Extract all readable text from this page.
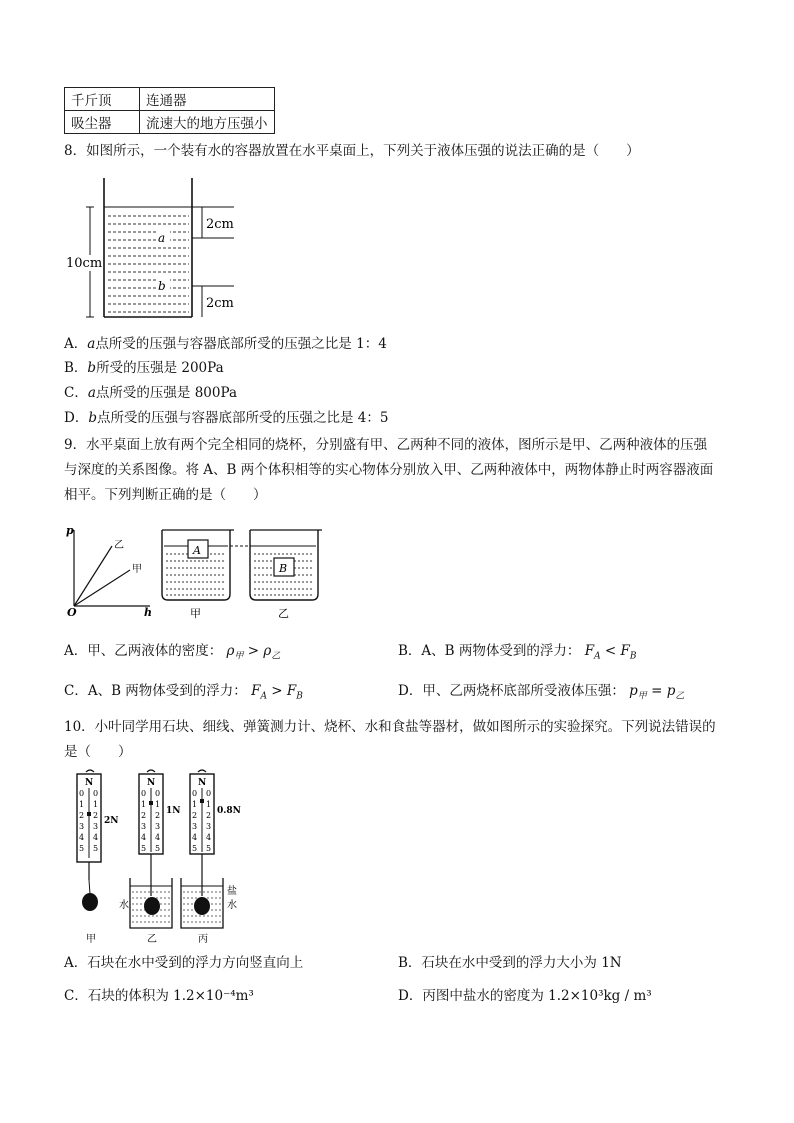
千斤顶	连通器
吸尘器	流速大的地方压强小
8．如图所示，一个装有水的容器放置在水平桌面上，下列关于液体压强的说法正确的是（　　）
10cm
2cm
2cm
a
b
A．a点所受的压强与容器底部所受的压强之比是 1：4
B．b所受的压强是 200Pa
C．a点所受的压强是 800Pa
D．b点所受的压强与容器底部所受的压强之比是 4：5
9．水平桌面上放有两个完全相同的烧杯，分别盛有甲、乙两种不同的液体，图所示是甲、乙两种液体的压强
与深度的关系图像。将 A、B 两个体积相等的实心物体分别放入甲、乙两种液体中，两物体静止时两容器液面
相平。下列判断正确的是（　　）
p
h
O
乙
甲
A
B
甲	乙
A．甲、乙两液体的密度： $\rho_甲 > \rho_乙$	B．A、B 两物体受到的浮力： $F_A < F_B$
C．A、B 两物体受到的浮力： $F_A > F_B$	D．甲、乙两烧杯底部所受液体压强： $p_甲 = p_乙$
10．小叶同学用石块、细线、弹簧测力计、烧杯、水和食盐等器材，做如图所示的实验探究。下列说法错误的
是（　　）
N
0
1
2
3
4
5
0
1
2
3
4
5
2N
N
0
1
2
3
4
5
0
1
2
3
4
5
1N
水
N
0
1
2
3
4
5
0
1
2
3
4
5
0.8N
盐
水
甲	乙	丙
A．石块在水中受到的浮力方向竖直向上	B．石块在水中受到的浮力大小为 1N
C．石块的体积为 1.2×10⁻⁴m³	D．丙图中盐水的密度为 1.2×10³kg / m³
